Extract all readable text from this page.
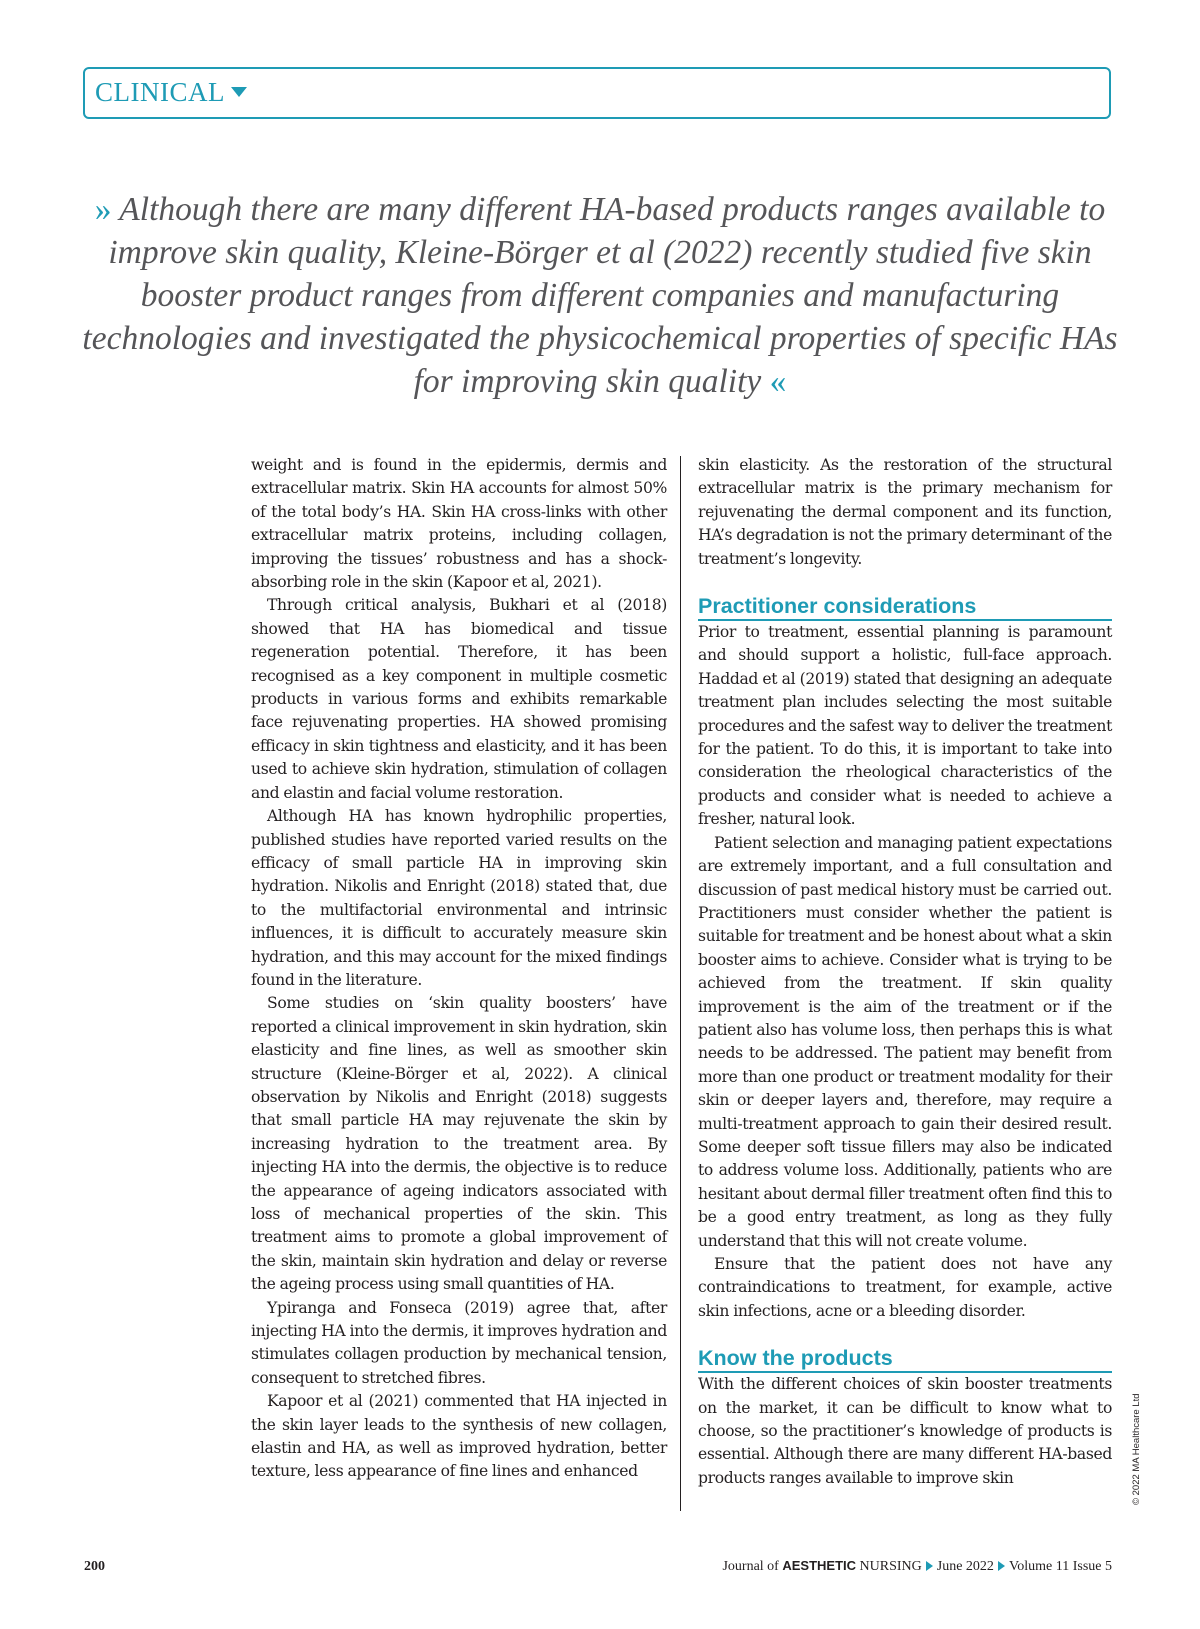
CLINICAL
» Although there are many different HA-based products ranges available to improve skin quality, Kleine-Börger et al (2022) recently studied five skin booster product ranges from different companies and manufacturing technologies and investigated the physicochemical properties of specific HAs for improving skin quality «

weight and is found in the epidermis, dermis and extracellular matrix. Skin HA accounts for almost 50% of the total body’s HA. Skin HA cross-links with other extracellular matrix proteins, including collagen, improving the tissues’ robustness and has a shock-absorbing role in the skin (Kapoor et al, 2021).

Through critical analysis, Bukhari et al (2018) showed that HA has biomedical and tissue regeneration potential. Therefore, it has been recognised as a key component in multiple cosmetic products in various forms and exhibits remarkable face rejuvenating properties. HA showed promising efficacy in skin tightness and elasticity, and it has been used to achieve skin hydration, stimulation of collagen and elastin and facial volume restoration.

Although HA has known hydrophilic properties, published studies have reported varied results on the efficacy of small particle HA in improving skin hydration. Nikolis and Enright (2018) stated that, due to the multifactorial environmental and intrinsic influences, it is difficult to accurately measure skin hydration, and this may account for the mixed findings found in the literature.

Some studies on ‘skin quality boosters’ have reported a clinical improvement in skin hydration, skin elasticity and fine lines, as well as smoother skin structure (Kleine-Börger et al, 2022). A clinical observation by Nikolis and Enright (2018) suggests that small particle HA may rejuvenate the skin by increasing hydration to the treatment area. By injecting HA into the dermis, the objective is to reduce the appearance of ageing indicators associated with loss of mechanical properties of the skin. This treatment aims to promote a global improvement of the skin, maintain skin hydration and delay or reverse the ageing process using small quantities of HA.

Ypiranga and Fonseca (2019) agree that, after injecting HA into the dermis, it improves hydration and stimulates collagen production by mechanical tension, consequent to stretched fibres.

Kapoor et al (2021) commented that HA injected in the skin layer leads to the synthesis of new collagen, elastin and HA, as well as improved hydration, better texture, less appearance of fine lines and enhanced

skin elasticity. As the restoration of the structural extracellular matrix is the primary mechanism for rejuvenating the dermal component and its function, HA’s degradation is not the primary determinant of the treatment’s longevity.

Practitioner considerations

Prior to treatment, essential planning is paramount and should support a holistic, full-face approach. Haddad et al (2019) stated that designing an adequate treatment plan includes selecting the most suitable procedures and the safest way to deliver the treatment for the patient. To do this, it is important to take into consideration the rheological characteristics of the products and consider what is needed to achieve a fresher, natural look.

Patient selection and managing patient expectations are extremely important, and a full consultation and discussion of past medical history must be carried out. Practitioners must consider whether the patient is suitable for treatment and be honest about what a skin booster aims to achieve. Consider what is trying to be achieved from the treatment. If skin quality improvement is the aim of the treatment or if the patient also has volume loss, then perhaps this is what needs to be addressed. The patient may benefit from more than one product or treatment modality for their skin or deeper layers and, therefore, may require a multi-treatment approach to gain their desired result. Some deeper soft tissue fillers may also be indicated to address volume loss. Additionally, patients who are hesitant about dermal filler treatment often find this to be a good entry treatment, as long as they fully understand that this will not create volume.

Ensure that the patient does not have any contraindications to treatment, for example, active skin infections, acne or a bleeding disorder.

Know the products

With the different choices of skin booster treatments on the market, it can be difficult to know what to choose, so the practitioner’s knowledge of products is essential. Although there are many different HA-based products ranges available to improve skin	© 2022 MA Healthcare Ltd
200	Journal of AESTHETIC NURSING June 2022 Volume 11 Issue 5
